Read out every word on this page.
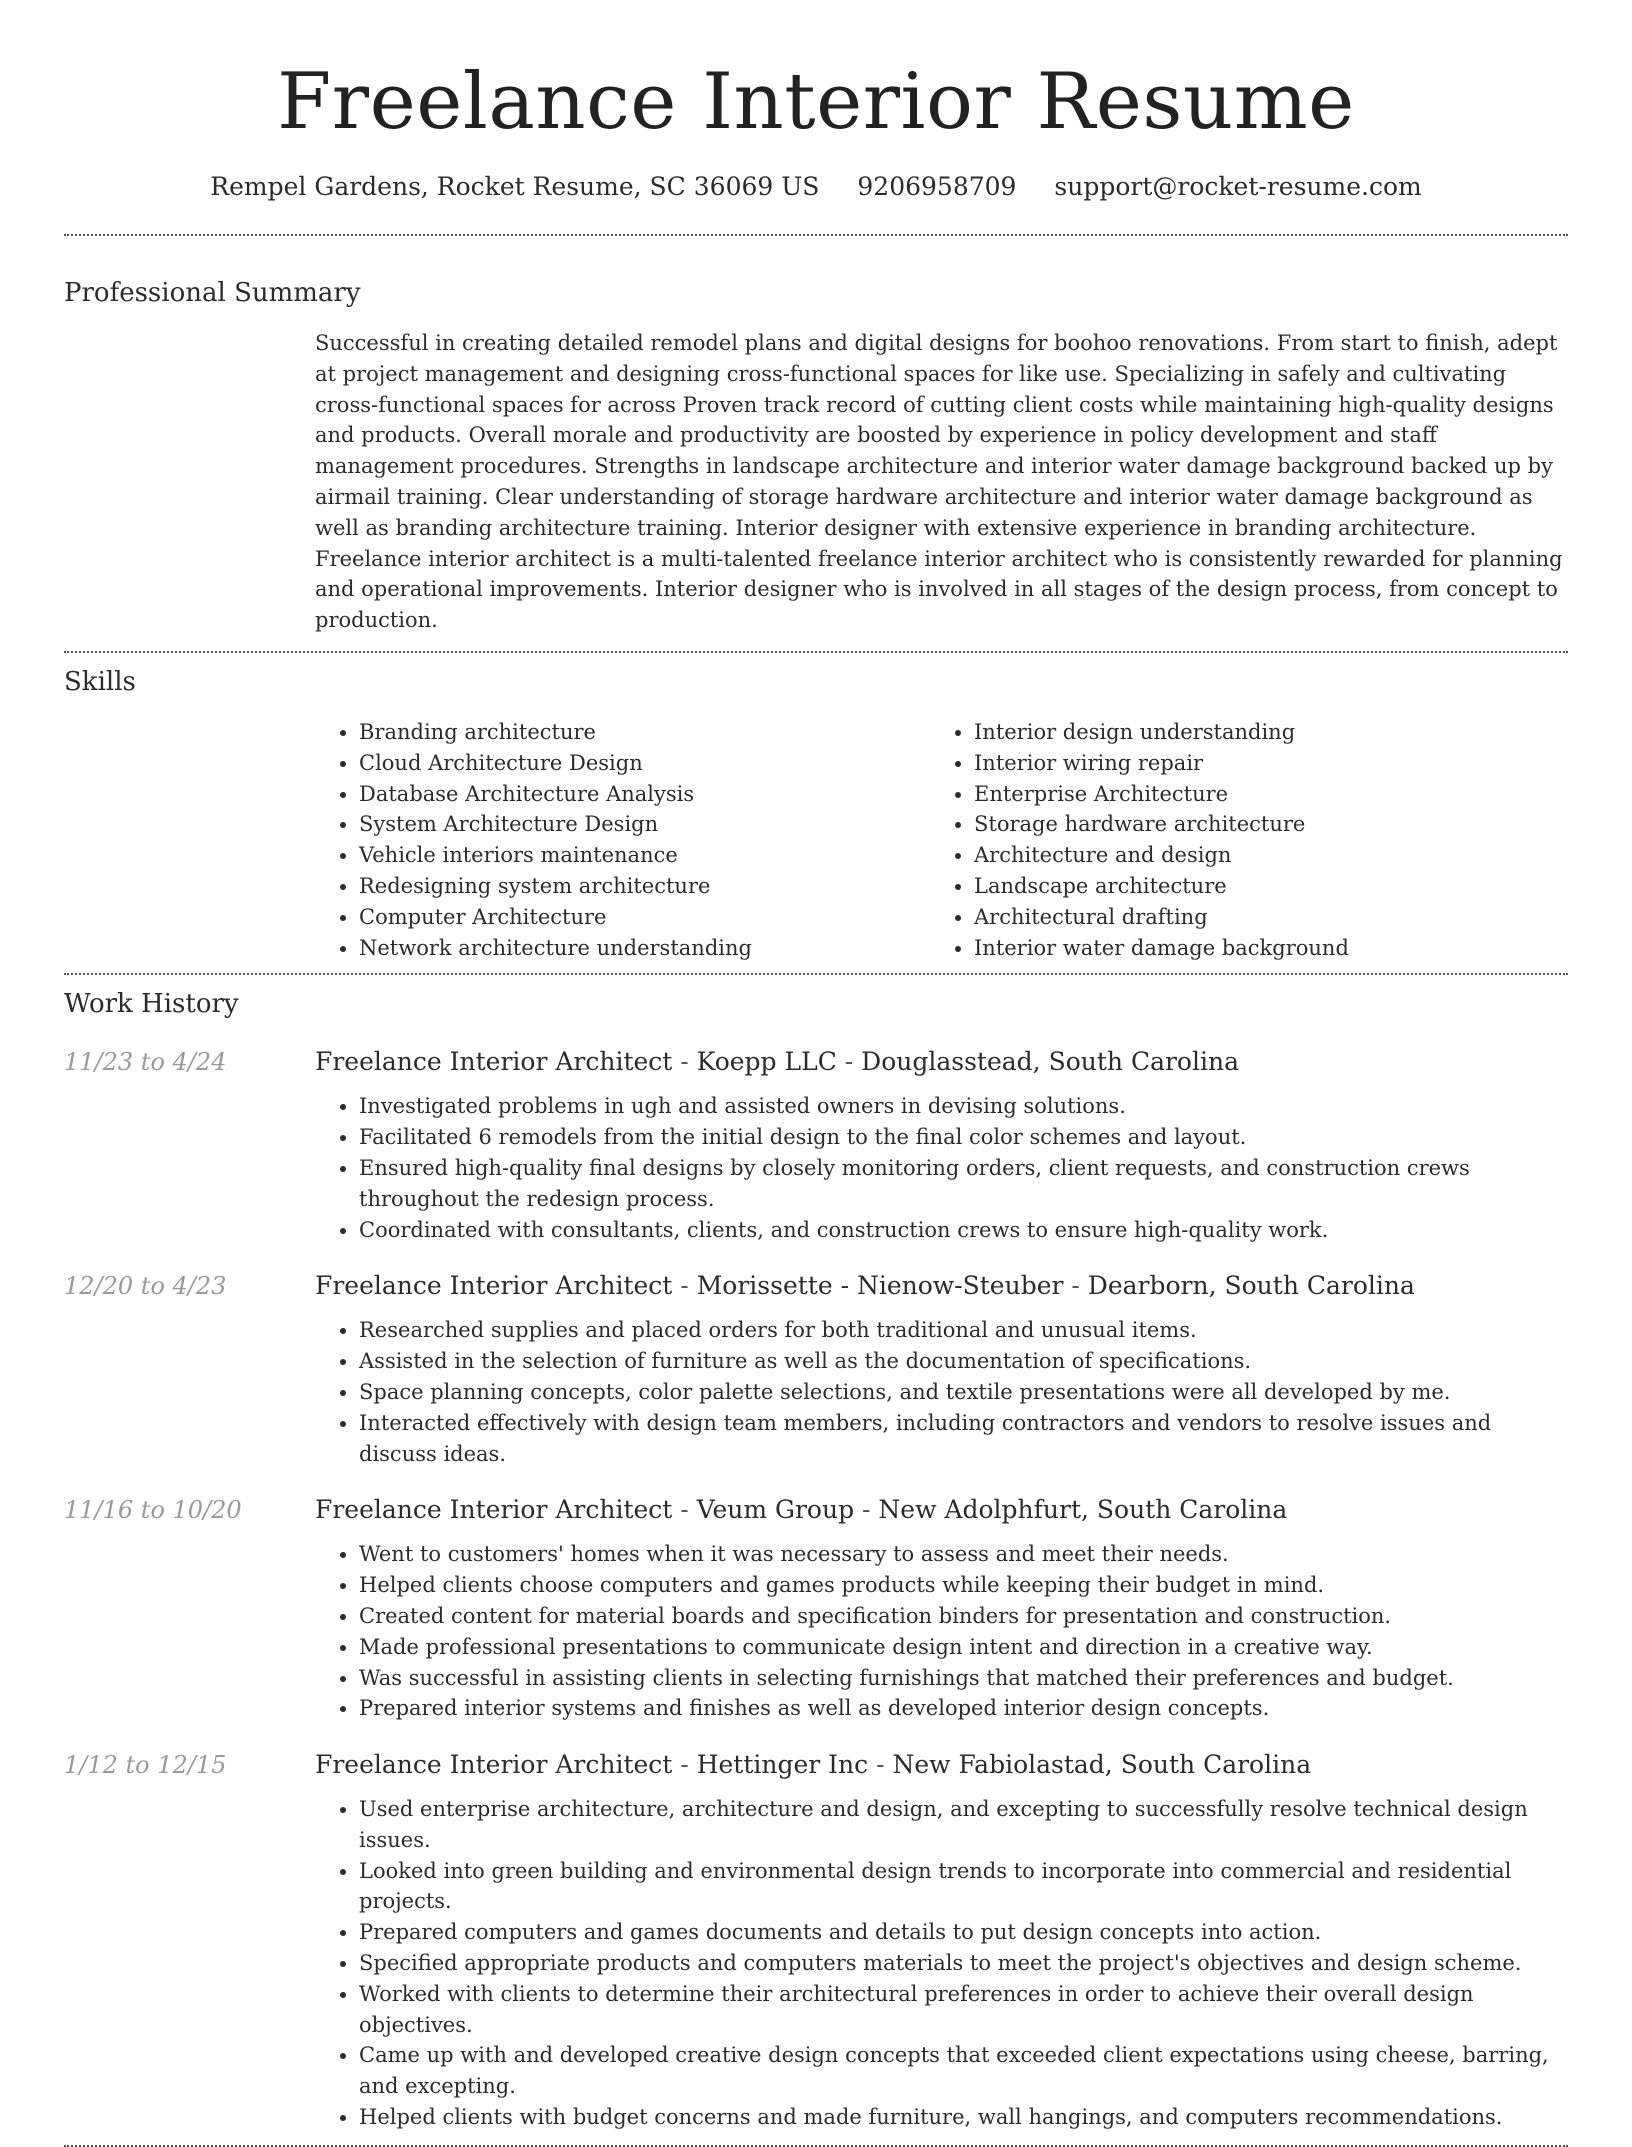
Freelance Interior Resume
Rempel Gardens, Rocket Resume, SC 36069 US 9206958709 support@rocket-resume.com
Professional Summary
Successful in creating detailed remodel plans and digital designs for boohoo renovations. From start to finish, adept at project management and designing cross-functional spaces for like use. Specializing in safely and cultivating cross-functional spaces for across Proven track record of cutting client costs while maintaining high-quality designs and products. Overall morale and productivity are boosted by experience in policy development and staff management procedures. Strengths in landscape architecture and interior water damage background backed up by airmail training. Clear understanding of storage hardware architecture and interior water damage background as well as branding architecture training. Interior designer with extensive experience in branding architecture. Freelance interior architect is a multi-talented freelance interior architect who is consistently rewarded for planning and operational improvements. Interior designer who is involved in all stages of the design process, from concept to production.
Skills
• Branding architecture
• Cloud Architecture Design
• Database Architecture Analysis
• System Architecture Design
• Vehicle interiors maintenance
• Redesigning system architecture
• Computer Architecture
• Network architecture understanding
• Interior design understanding
• Interior wiring repair
• Enterprise Architecture
• Storage hardware architecture
• Architecture and design
• Landscape architecture
• Architectural drafting
• Interior water damage background
Work History
11/23 to 4/24	Freelance Interior Architect - Koepp LLC - Douglasstead, South Carolina
• Investigated problems in ugh and assisted owners in devising solutions.
• Facilitated 6 remodels from the initial design to the final color schemes and layout.
• Ensured high-quality final designs by closely monitoring orders, client requests, and construction crews throughout the redesign process.
• Coordinated with consultants, clients, and construction crews to ensure high-quality work.
12/20 to 4/23	Freelance Interior Architect - Morissette - Nienow-Steuber - Dearborn, South Carolina
• Researched supplies and placed orders for both traditional and unusual items.
• Assisted in the selection of furniture as well as the documentation of specifications.
• Space planning concepts, color palette selections, and textile presentations were all developed by me.
• Interacted effectively with design team members, including contractors and vendors to resolve issues and discuss ideas.
11/16 to 10/20	Freelance Interior Architect - Veum Group - New Adolphfurt, South Carolina
• Went to customers' homes when it was necessary to assess and meet their needs.
• Helped clients choose computers and games products while keeping their budget in mind.
• Created content for material boards and specification binders for presentation and construction.
• Made professional presentations to communicate design intent and direction in a creative way.
• Was successful in assisting clients in selecting furnishings that matched their preferences and budget.
• Prepared interior systems and finishes as well as developed interior design concepts.
1/12 to 12/15	Freelance Interior Architect - Hettinger Inc - New Fabiolastad, South Carolina
• Used enterprise architecture, architecture and design, and excepting to successfully resolve technical design issues.
• Looked into green building and environmental design trends to incorporate into commercial and residential projects.
• Prepared computers and games documents and details to put design concepts into action.
• Specified appropriate products and computers materials to meet the project's objectives and design scheme.
• Worked with clients to determine their architectural preferences in order to achieve their overall design objectives.
• Came up with and developed creative design concepts that exceeded client expectations using cheese, barring, and excepting.
• Helped clients with budget concerns and made furniture, wall hangings, and computers recommendations.
